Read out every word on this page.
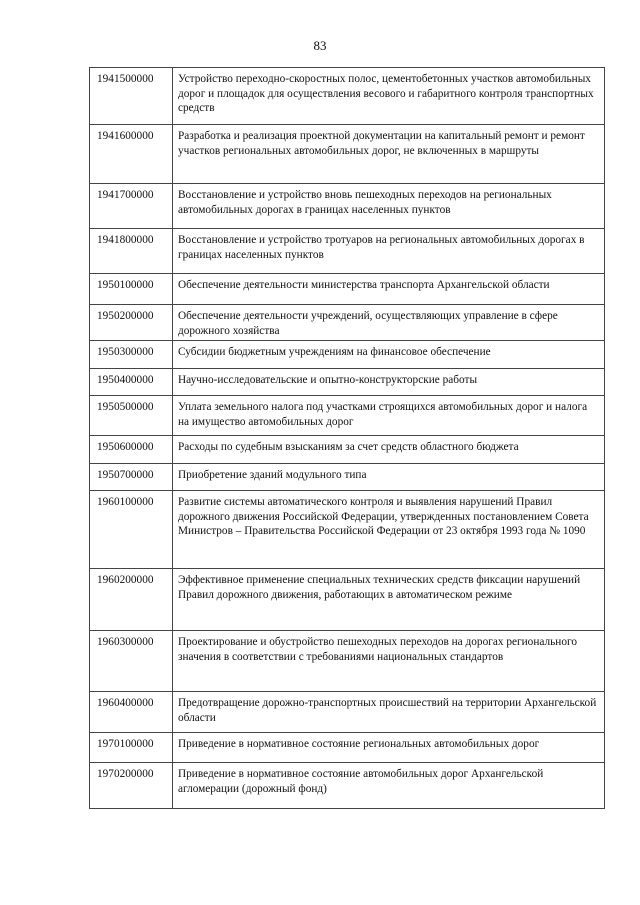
83
1941500000	Устройство переходно-скоростных полос, цементобетонных участков автомобильных дорог и площадок для осуществления весового и габаритного контроля транспортных средств
1941600000	Разработка и реализация проектной документации на капитальный ремонт и ремонт участков региональных автомобильных дорог, не включенных в маршруты
1941700000	Восстановление и устройство вновь пешеходных переходов на региональных автомобильных дорогах в границах населенных пунктов
1941800000	Восстановление и устройство тротуаров на региональных автомобильных дорогах в границах населенных пунктов
1950100000	Обеспечение деятельности министерства транспорта Архангельской области
1950200000	Обеспечение деятельности учреждений, осуществляющих управление в сфере дорожного хозяйства
1950300000	Субсидии бюджетным учреждениям на финансовое обеспечение
1950400000	Научно-исследовательские и опытно-конструкторские работы
1950500000	Уплата земельного налога под участками строящихся автомобильных дорог и налога на имущество автомобильных дорог
1950600000	Расходы по судебным взысканиям за счет средств областного бюджета
1950700000	Приобретение зданий модульного типа
1960100000	Развитие системы автоматического контроля и выявления нарушений Правил дорожного движения Российской Федерации, утвержденных постановлением Совета Министров – Правительства Российской Федерации от 23 октября 1993 года № 1090
1960200000	Эффективное применение специальных технических средств фиксации нарушений Правил дорожного движения, работающих в автоматическом режиме
1960300000	Проектирование и обустройство пешеходных переходов на дорогах регионального значения в соответствии с требованиями национальных стандартов
1960400000	Предотвращение дорожно-транспортных происшествий на территории Архангельской области
1970100000	Приведение в нормативное состояние региональных автомобильных дорог
1970200000	Приведение в нормативное состояние автомобильных дорог Архангельской агломерации (дорожный фонд)
